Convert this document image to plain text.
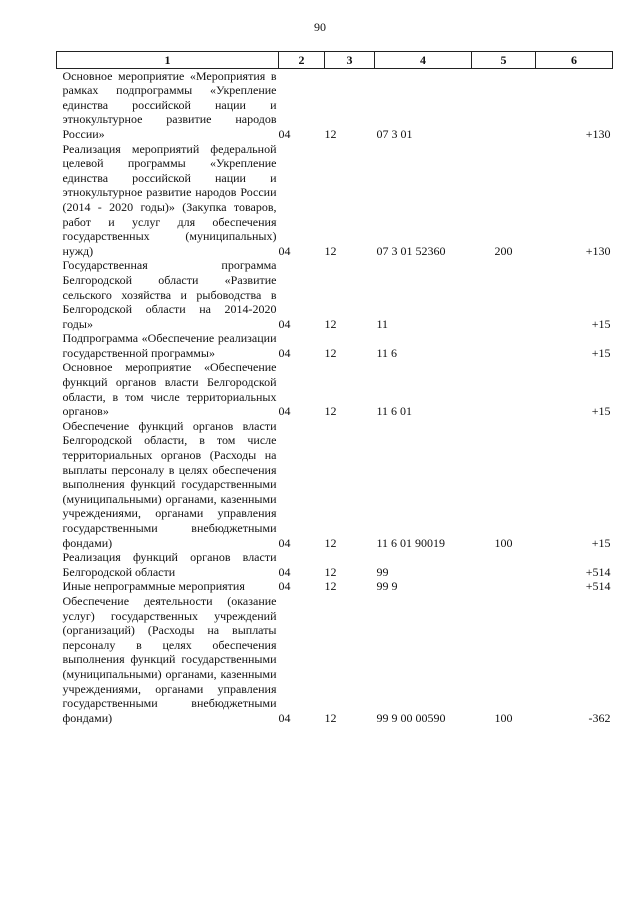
90
1	2	3	4	5	6
Основное мероприятие «Мероприятия в рамках подпрограммы «Укрепление единства российской нации и этнокультурное развитие народов России»	04	12	07 3 01		+130
Реализация мероприятий федеральной целевой программы «Укрепление единства российской нации и этнокультурное развитие народов России (2014 - 2020 годы)» (Закупка товаров, работ и услуг для обеспечения государственных (муниципальных) нужд)	04	12	07 3 01 52360	200	+130
Государственная программа Белгородской области «Развитие сельского хозяйства и рыбоводства в Белгородской области на 2014-2020 годы»	04	12	11		+15
Подпрограмма «Обеспечение реализации государственной программы»	04	12	11 6		+15
Основное мероприятие «Обеспечение функций органов власти Белгородской области, в том числе территориальных органов»	04	12	11 6 01		+15
Обеспечение функций органов власти Белгородской области, в том числе территориальных органов (Расходы на выплаты персоналу в целях обеспечения выполнения функций государственными (муниципальными) органами, казенными учреждениями, органами управления государственными внебюджетными фондами)	04	12	11 6 01 90019	100	+15
Реализация функций органов власти Белгородской области	04	12	99		+514
Иные непрограммные мероприятия	04	12	99 9		+514
Обеспечение деятельности (оказание услуг) государственных учреждений (организаций) (Расходы на выплаты персоналу в целях обеспечения выполнения функций государственными (муниципальными) органами, казенными учреждениями, органами управления государственными внебюджетными фондами)	04	12	99 9 00 00590	100	-362
